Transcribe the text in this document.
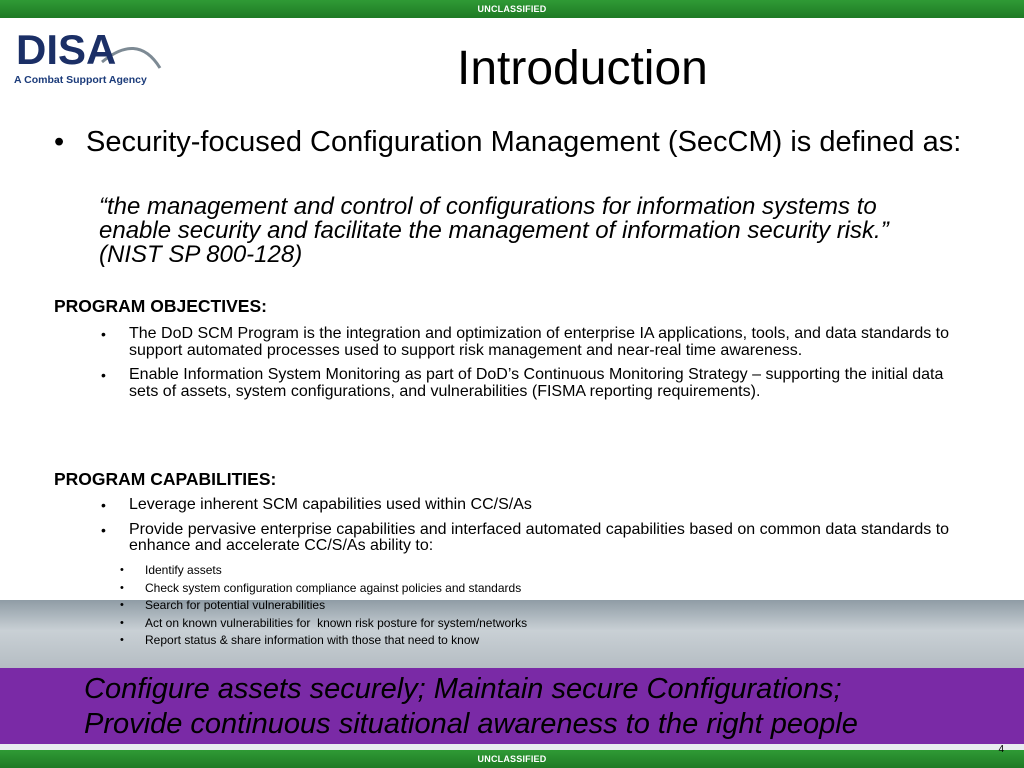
UNCLASSIFIED
DISA
A Combat Support Agency	Introduction
• Security-focused Configuration Management (SecCM) is defined as:
“the management and control of configurations for information systems to enable security and facilitate the management of information security risk.” (NIST SP 800-128)
PROGRAM OBJECTIVES:
• The DoD SCM Program is the integration and optimization of enterprise IA applications, tools, and data standards to support automated processes used to support risk management and near-real time awareness.
• Enable Information System Monitoring as part of DoD’s Continuous Monitoring Strategy – supporting the initial data sets of assets, system configurations, and vulnerabilities (FISMA reporting requirements).
PROGRAM CAPABILITIES:
• Leverage inherent SCM capabilities used within CC/S/As
• Provide pervasive enterprise capabilities and interfaced automated capabilities based on common data standards to enhance and accelerate CC/S/As ability to:
• Identify assets
• Check system configuration compliance against policies and standards
• Search for potential vulnerabilities
• Act on known vulnerabilities for  known risk posture for system/networks
• Report status & share information with those that need to know
Configure assets securely; Maintain secure Configurations;
Provide continuous situational awareness to the right people
4
UNCLASSIFIED
